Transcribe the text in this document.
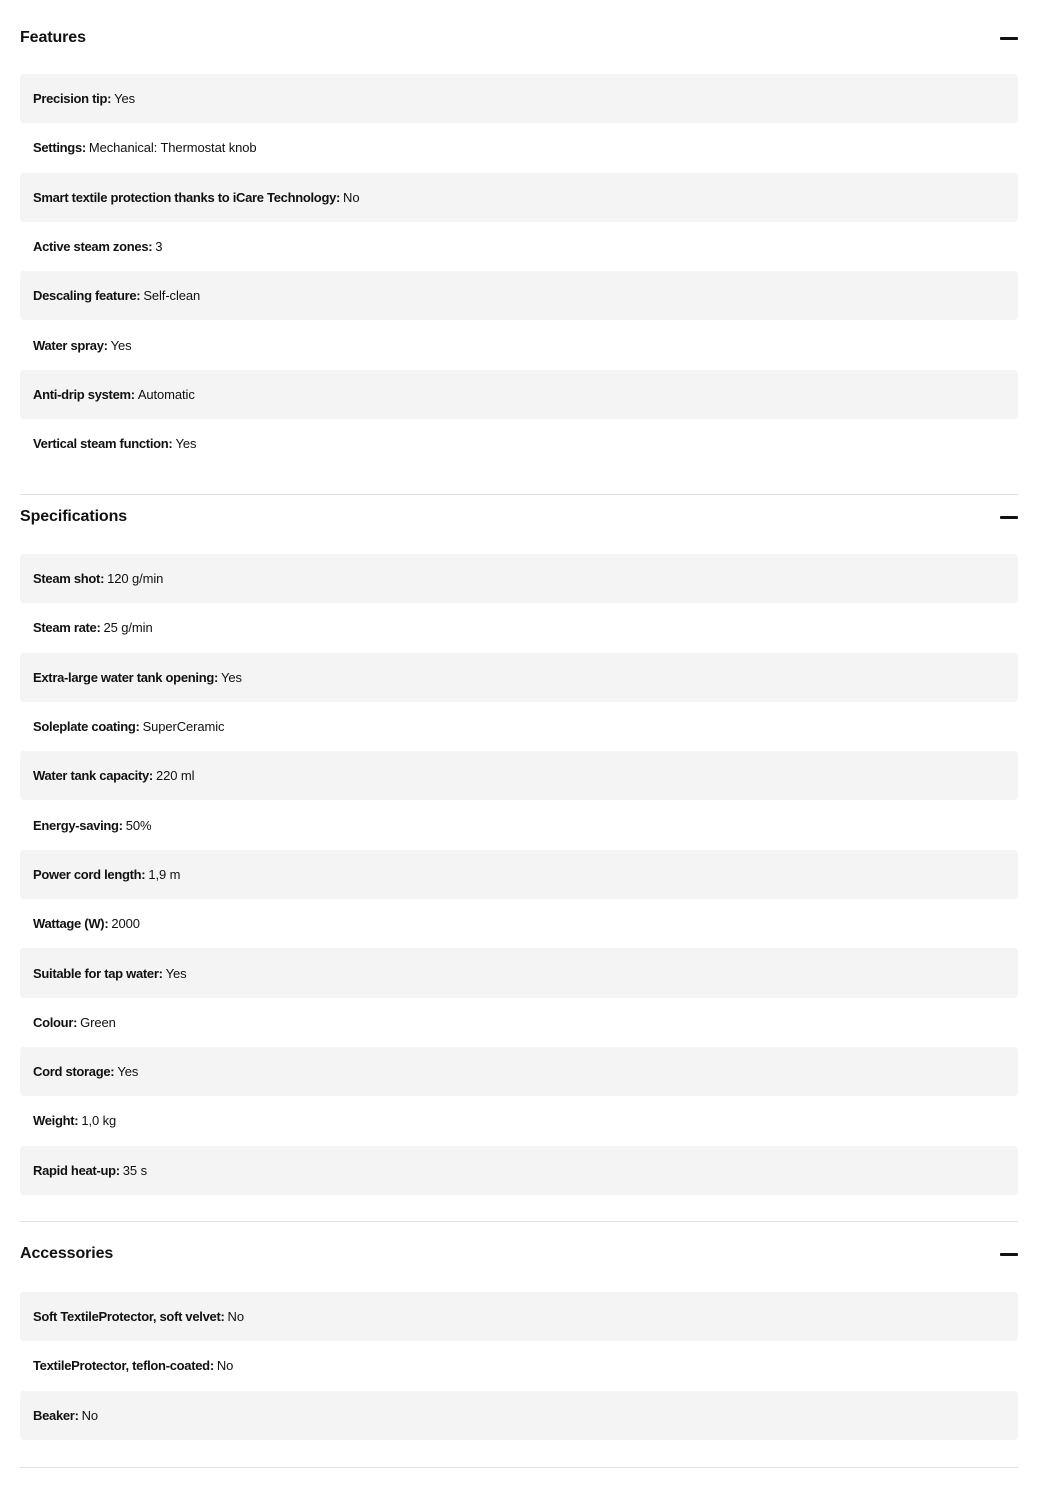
Features
Precision tip: Yes
Settings: Mechanical: Thermostat knob
Smart textile protection thanks to iCare Technology: No
Active steam zones: 3
Descaling feature: Self-clean
Water spray: Yes
Anti-drip system: Automatic
Vertical steam function: Yes
Specifications
Steam shot: 120 g/min
Steam rate: 25 g/min
Extra-large water tank opening: Yes
Soleplate coating: SuperCeramic
Water tank capacity: 220 ml
Energy-saving: 50%
Power cord length: 1,9 m
Wattage (W): 2000
Suitable for tap water: Yes
Colour: Green
Cord storage: Yes
Weight: 1,0 kg
Rapid heat-up: 35 s
Accessories
Soft TextileProtector, soft velvet: No
TextileProtector, teflon-coated: No
Beaker: No
